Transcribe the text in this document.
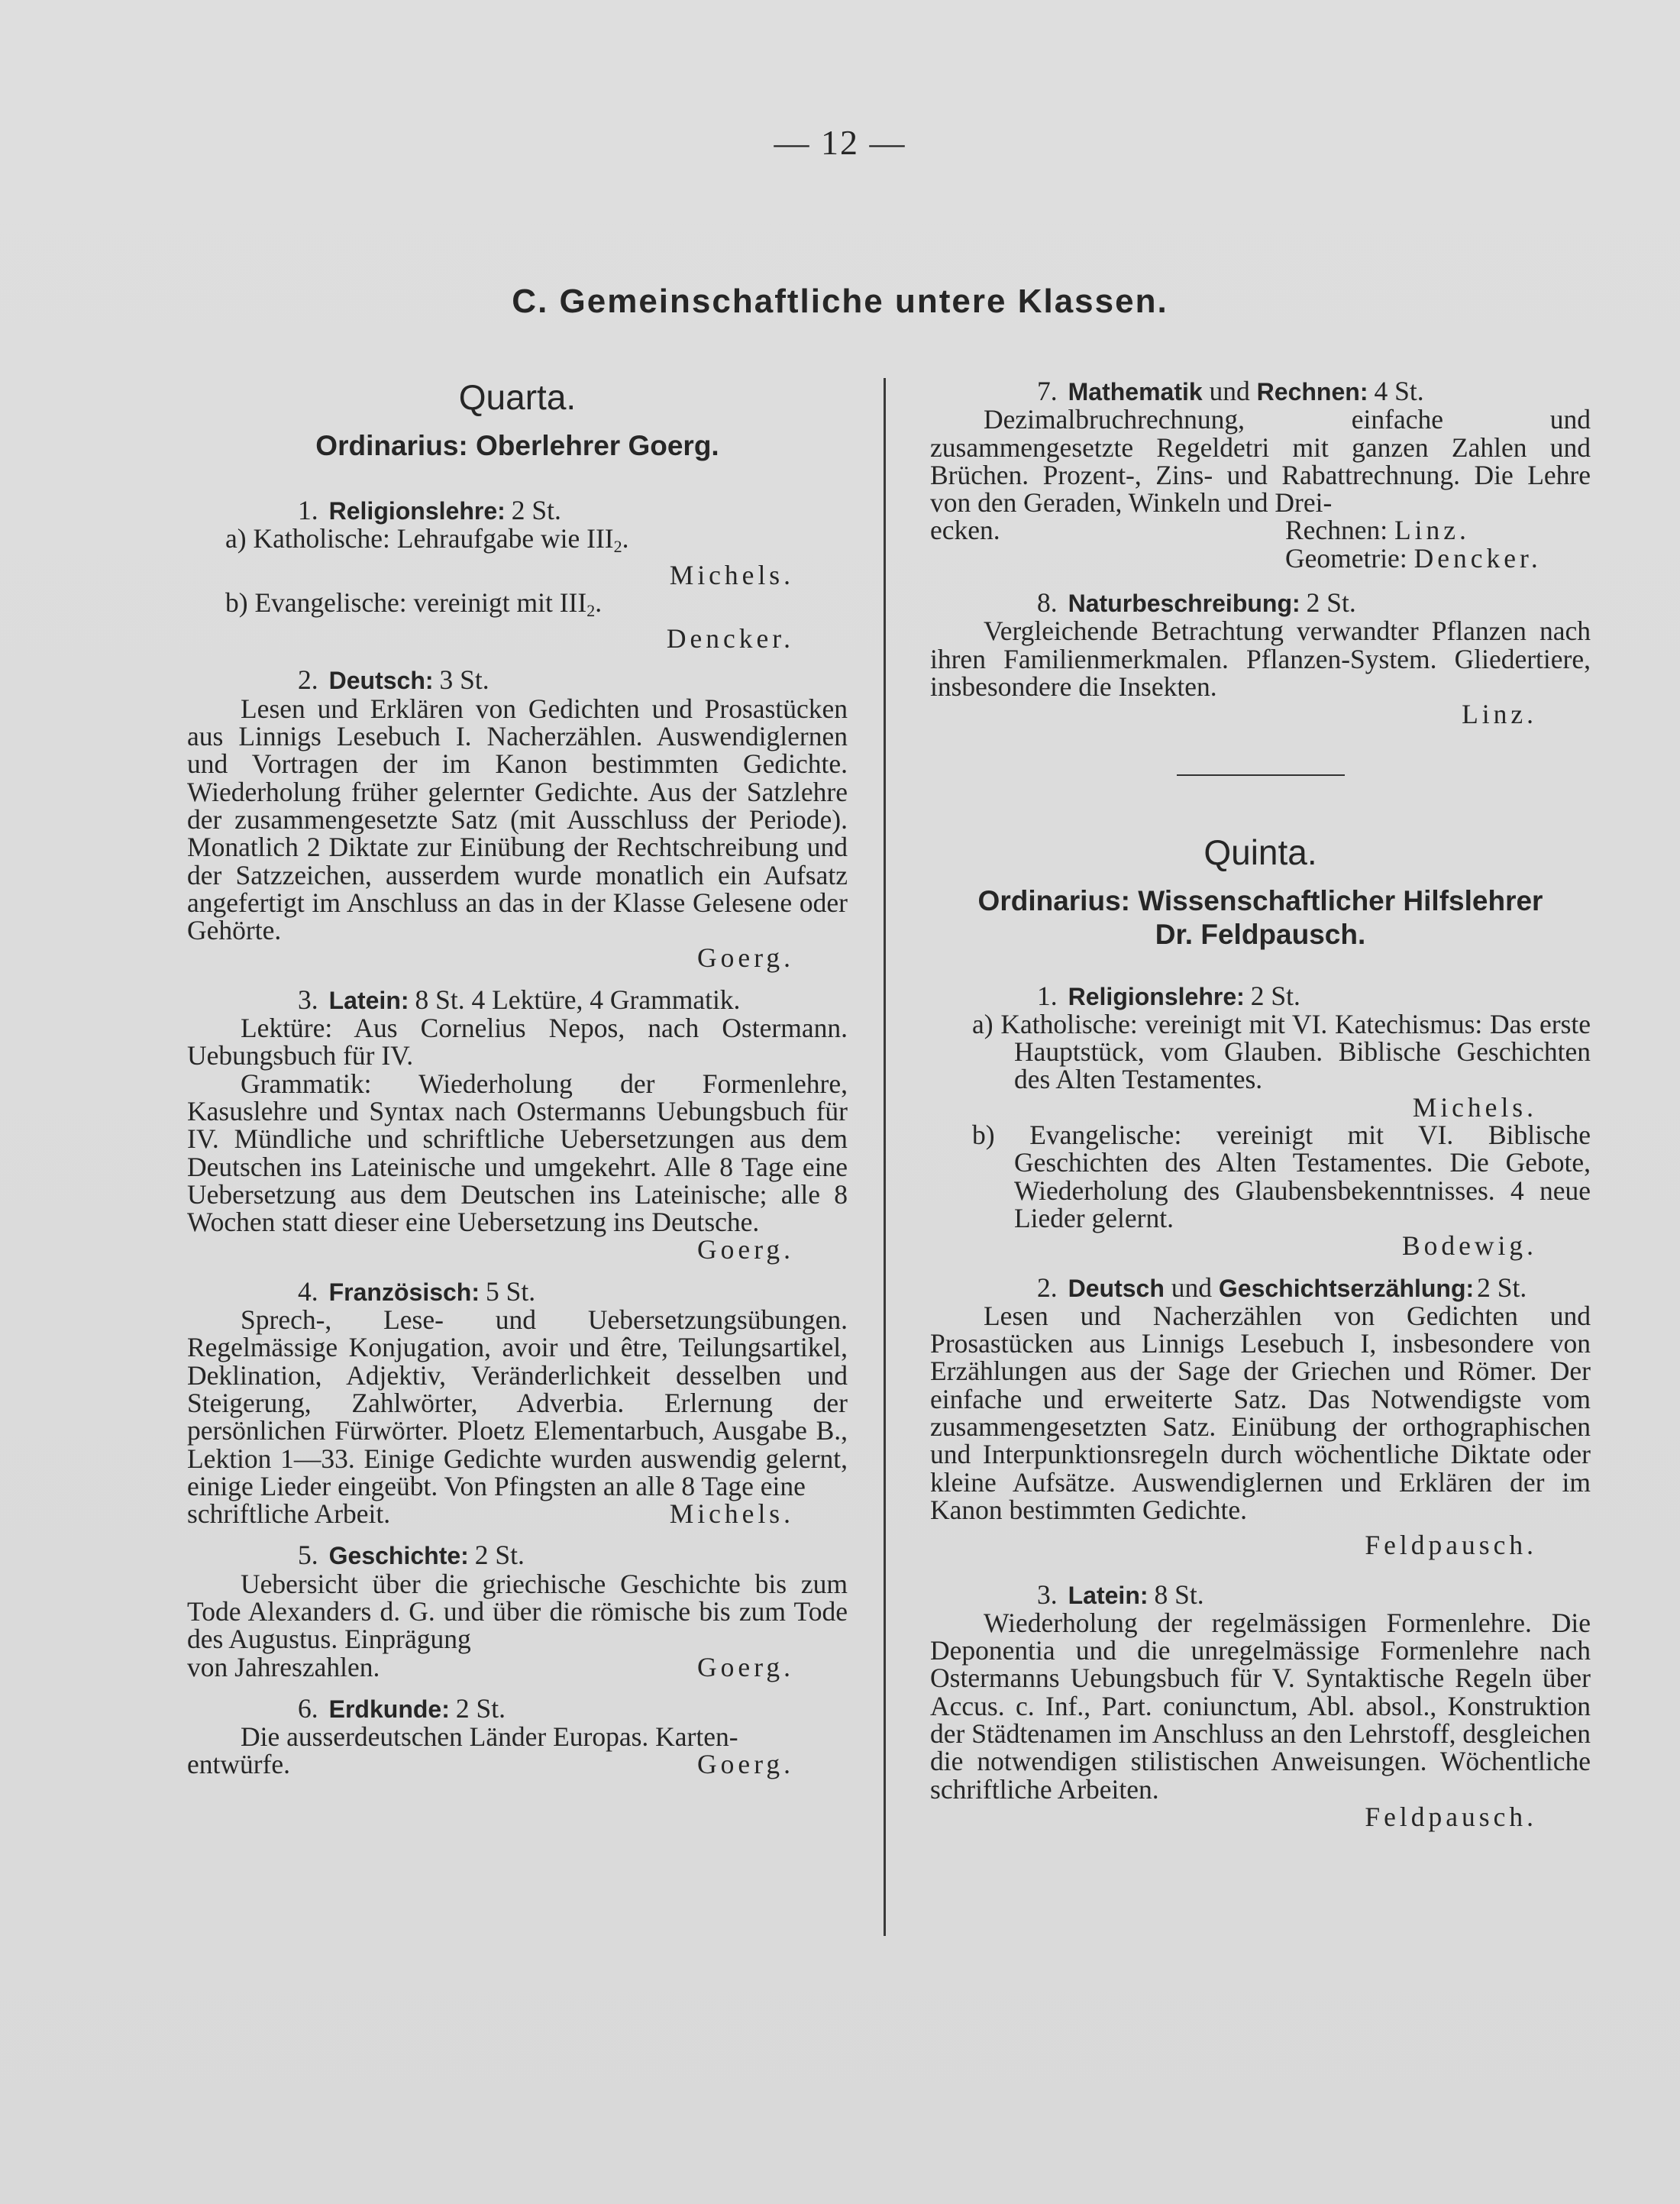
— 12 —
C. Gemeinschaftliche untere Klassen.
Quarta.
Ordinarius: Oberlehrer Goerg.
1. Religionslehre: 2 St.

a) Katholische: Lehraufgabe wie $III_2$.

Michels.

b) Evangelische: vereinigt mit $III_2$.

Dencker.

2. Deutsch: 3 St.

Lesen und Erklären von Gedichten und Prosastücken aus Linnigs Lesebuch I. Nacherzählen. Auswendiglernen und Vortragen der im Kanon bestimmten Gedichte. Wiederholung früher gelernter Gedichte. Aus der Satzlehre der zusammengesetzte Satz (mit Ausschluss der Periode). Monatlich 2 Diktate zur Einübung der Rechtschreibung und der Satzzeichen, ausserdem wurde monatlich ein Aufsatz angefertigt im Anschluss an das in der Klasse Gelesene oder Gehörte.

Goerg.

3. Latein: 8 St. 4 Lektüre, 4 Grammatik.

Lektüre: Aus Cornelius Nepos, nach Ostermann. Uebungsbuch für IV.

Grammatik: Wiederholung der Formenlehre, Kasuslehre und Syntax nach Ostermanns Uebungsbuch für IV. Mündliche und schriftliche Uebersetzungen aus dem Deutschen ins Lateinische und umgekehrt. Alle 8 Tage eine Uebersetzung aus dem Deutschen ins Lateinische; alle 8 Wochen statt dieser eine Uebersetzung ins Deutsche.

Goerg.

4. Französisch: 5 St.

Sprech-, Lese- und Uebersetzungsübungen. Regelmässige Konjugation, avoir und être, Teilungsartikel, Deklination, Adjektiv, Veränderlichkeit desselben und Steigerung, Zahlwörter, Adverbia. Erlernung der persönlichen Fürwörter. Ploetz Elementarbuch, Ausgabe B., Lektion 1—33. Einige Gedichte wurden auswendig gelernt, einige Lieder eingeübt. Von Pfingsten an alle 8 Tage eine

schriftliche Arbeit.	Michels.
5. Geschichte: 2 St.

Uebersicht über die griechische Geschichte bis zum Tode Alexanders d. G. und über die römische bis zum Tode des Augustus. Einprägung

von Jahreszahlen.	Goerg.
6. Erdkunde: 2 St.

Die ausserdeutschen Länder Europas. Karten-

entwürfe.	Goerg.
7. Mathematik und Rechnen: 4 St.

Dezimalbruchrechnung, einfache und zusammengesetzte Regeldetri mit ganzen Zahlen und Brüchen. Prozent-, Zins- und Rabattrechnung. Die Lehre von den Geraden, Winkeln und Drei-

ecken.	Rechnen: Linz.
Geometrie: Dencker.
8. Naturbeschreibung: 2 St.

Vergleichende Betrachtung verwandter Pflanzen nach ihren Familienmerkmalen. Pflanzen-System. Gliedertiere, insbesondere die Insekten.

Linz.

Quinta.
Ordinarius: Wissenschaftlicher Hilfslehrer
Dr. Feldpausch.
1. Religionslehre: 2 St.

a) Katholische: vereinigt mit VI. Katechismus: Das erste Hauptstück, vom Glauben. Biblische Geschichten des Alten Testamentes.

Michels.

b) Evangelische: vereinigt mit VI. Biblische Geschichten des Alten Testamentes. Die Gebote, Wiederholung des Glaubensbekenntnisses. 4 neue Lieder gelernt.

Bodewig.

2. Deutsch und Geschichtserzählung: 2 St.

Lesen und Nacherzählen von Gedichten und Prosastücken aus Linnigs Lesebuch I, insbesondere von Erzählungen aus der Sage der Griechen und Römer. Der einfache und erweiterte Satz. Das Notwendigste vom zusammengesetzten Satz. Einübung der orthographischen und Interpunktionsregeln durch wöchentliche Diktate oder kleine Aufsätze. Auswendiglernen und Erklären der im Kanon bestimmten Gedichte.

Feldpausch.

3. Latein: 8 St.

Wiederholung der regelmässigen Formenlehre. Die Deponentia und die unregelmässige Formenlehre nach Ostermanns Uebungsbuch für V. Syntaktische Regeln über Accus. c. Inf., Part. coniunctum, Abl. absol., Konstruktion der Städtenamen im Anschluss an den Lehrstoff, desgleichen die notwendigen stilistischen Anweisungen. Wöchentliche schriftliche Arbeiten.

Feldpausch.
